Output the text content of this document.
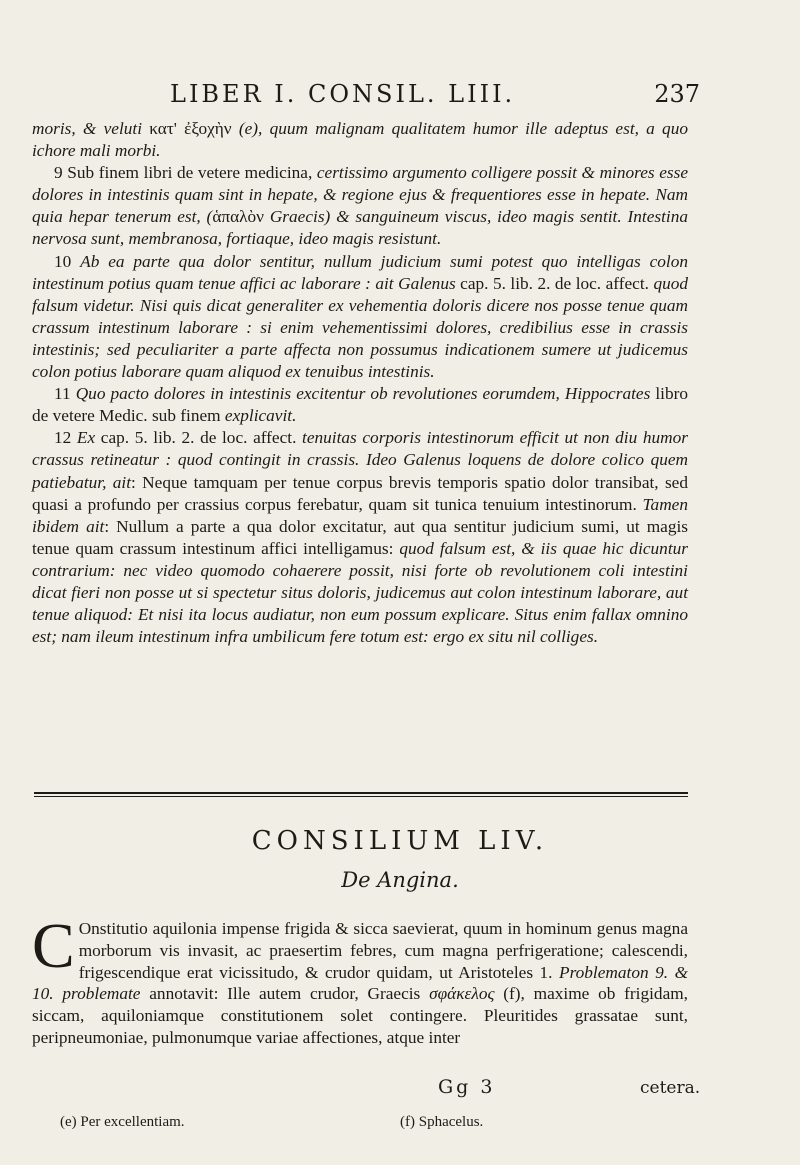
LIBER I. CONSIL. LIII.	237

moris, & veluti κατ' ἐξοχὴν (e), quum malignam qualitatem humor ille adeptus est, a quo ichore mali morbi.

9 Sub finem libri de vetere medicina, certissimo argumento colligere possit & minores esse dolores in intestinis quam sint in hepate, & regione ejus & frequentiores esse in hepate. Nam quia hepar tenerum est, (ἁπαλὸν Graecis) & sanguineum viscus, ideo magis sentit. Intestina nervosa sunt, membranosa, fortiaque, ideo magis resistunt.

10 Ab ea parte qua dolor sentitur, nullum judicium sumi potest quo intelligas colon intestinum potius quam tenue affici ac laborare : ait Galenus cap. 5. lib. 2. de loc. affect. quod falsum videtur. Nisi quis dicat generaliter ex vehementia doloris dicere nos posse tenue quam crassum intestinum laborare : si enim vehementissimi dolores, credibilius esse in crassis intestinis; sed peculiariter a parte affecta non possumus indicationem sumere ut judicemus colon potius laborare quam aliquod ex tenuibus intestinis.

11 Quo pacto dolores in intestinis excitentur ob revolutiones eorumdem, Hippocrates libro de vetere Medic. sub finem explicavit.

12 Ex cap. 5. lib. 2. de loc. affect. tenuitas corporis intestinorum efficit ut non diu humor crassus retineatur : quod contingit in crassis. Ideo Galenus loquens de dolore colico quem patiebatur, ait: Neque tamquam per tenue corpus brevis temporis spatio dolor transibat, sed quasi a profundo per crassius corpus ferebatur, quam sit tunica tenuium intestinorum. Tamen ibidem ait: Nullum a parte a qua dolor excitatur, aut qua sentitur judicium sumi, ut magis tenue quam crassum intestinum affici intelligamus: quod falsum est, & iis quae hic dicuntur contrarium: nec video quomodo cohaerere possit, nisi forte ob revolutionem coli intestini dicat fieri non posse ut si spectetur situs doloris, judicemus aut colon intestinum laborare, aut tenue aliquod: Et nisi ita locus audiatur, non eum possum explicare. Situs enim fallax omnino est; nam ileum intestinum infra umbilicum fere totum est: ergo ex situ nil colliges.

CONSILIUM LIV.
De Angina.
C Onstitutio aquilonia impense frigida & sicca saevierat, quum in hominum genus magna morborum vis invasit, ac praesertim febres, cum magna perfrigeratione; calescendi, frigescendique erat vicissitudo, & crudor quidam, ut Aristoteles 1. Problematon 9. & 10. problemate annotavit: Ille autem crudor, Graecis σφάκελος (f), maxime ob frigidam, siccam, aquiloniamque constitutionem solet contingere. Pleuritides grassatae sunt, peripneumoniae, pulmonumque variae affectiones, atque inter
Gg 3	cetera.
(e) Per excellentiam.	(f) Sphacelus.
